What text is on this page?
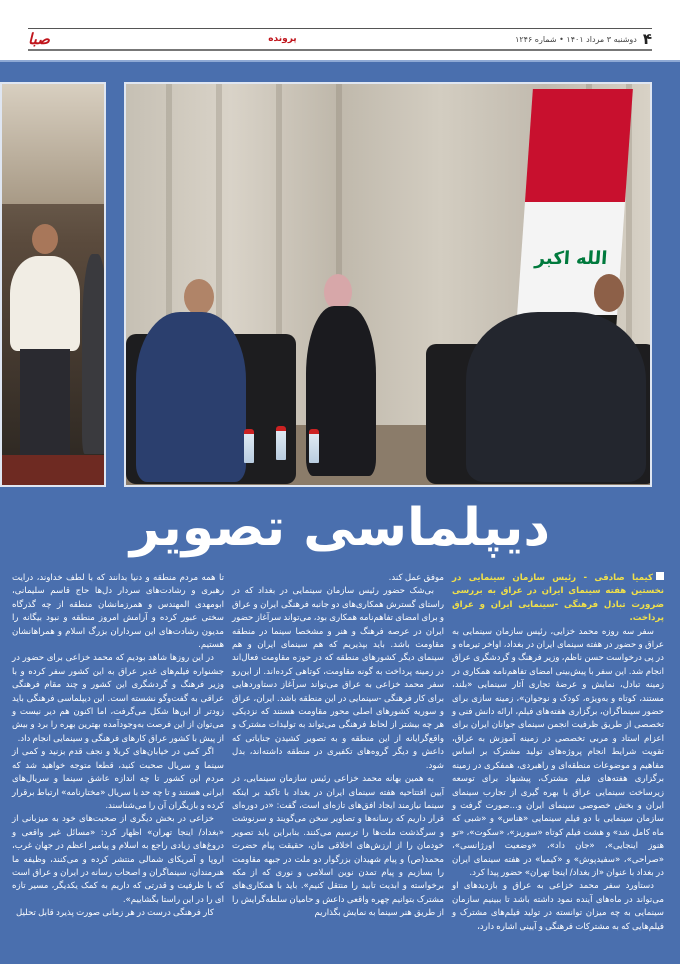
۴
دوشنبه ۳ مرداد ۱۴۰۱ • شماره ۱۲۴۶
پرونده
صبا
الله اکبر
دیپلماسی تصویر

کیمیا صادقی - رئیس سازمان سینمایی در نخستین هفته سینمای ایران در عراق به بررسی ضرورت تبادل فرهنگی -سینمایی ایران و عراق پرداخت.

سفر سه روزه محمد خزایی، رئیس سازمان سینمایی به عراق و حضور در هفته سینمای ایران در بغداد، اواخر تیرماه و در پی درخواست حسن ناظم، وزیر فرهنگ و گردشگری عراق انجام شد. این سفر با پیش‌بینی امضای تفاهم‌نامه همکاری در زمینه تبادل، نمایش و عرضهٔ تجاری آثار سینمایی «بلند، مستند، کوتاه و به‌ویژه، کودک و نوجوان»، زمینه سازی برای حضور سینماگران، برگزاری هفته‌های فیلم، ارائه دانش فنی و تخصصی از طریق ظرفیت انجمن سینمای جوانان ایران برای اعزام استاد و مربی تخصصی در زمینه آموزش به عراق، تقویت شرایط انجام پروژه‌های تولید مشترک بر اساس مفاهیم و موضوعات منطقه‌ای و راهبردی، همفکری در زمینه برگزاری هفته‌های فیلم مشترک، پیشنهاد برای توسعه زیرساخت سینمایی عراق با بهره گیری از تجارب سینمای ایران و بخش خصوصی سینمای ایران و...صورت گرفت و سازمان سینمایی با دو فیلم سینمایی «هناس» و «شبی که ماه کامل شد» و هشت فیلم کوتاه «سوریز»، «سکوت»، «تو هنوز اینجایی»، «جان داد»، «وضعیت اورژانسی»، «صراحی»، «سفیدپوش» و «کیمیا» در هفته سینمای ایران در بغداد با عنوان «از بغداد/ اینجا تهران» حضور پیدا کرد.

دستاورد سفر محمد خزاعی به عراق و بازدیدهای او می‌تواند در ماه‌های آینده نمود داشته باشد تا ببینیم سازمان سینمایی به چه میزان توانسته در تولید فیلم‌های مشترک و فیلم‌هایی که به مشترکات فرهنگی و آیینی اشاره دارد،

موفق عمل کند.

بی‌شک حضور رئیس سازمان سینمایی در بغداد که در راستای گسترش همکاری‌های دو جانبه فرهنگی ایران و عراق و برای امضای تفاهم‌نامه همکاری بود، می‌تواند سرآغاز حضور ایران در عرصه فرهنگ و هنر و مشخصا سینما در منطقه مقاومت باشد. باید بپذیریم که هم سینمای ایران و هم سینمای دیگر کشورهای منطقه که در حوزه مقاومت فعال‌اند در زمینه پرداخت به گونه مقاومت، کوتاهی کرده‌اند. از این‌رو سفر محمد خزاعی به عراق می‌تواند سرآغاز دستاوردهایی برای کار فرهنگی -سینمایی در این منطقه باشد. ایران، عراق و سوریه کشورهای اصلی محور مقاومت هستند که نزدیکی هر چه بیشتر از لحاظ فرهنگی می‌تواند به تولیدات مشترک و واقع‌گرایانه از این منطقه و به تصویر کشیدن جنایاتی که داعش و دیگر گروه‌های تکفیری در منطقه داشته‌اند، بدل شود.

به همین بهانه محمد خزاعی رئیس سازمان سینمایی، در آیین افتتاحیه هفته سینمای ایران در بغداد با تاکید بر اینکه سینما نیازمند ایجاد افق‌های تازه‌ای است، گفت: «در دوره‌ای قرار داریم که رسانه‌ها و تصاویر سخن می‌گویند و سرنوشت و سرگذشت ملت‌ها را ترسیم می‌کنند. بنابراین باید تصویر خودمان را از ارزش‌های اخلاقی مان، حقیقت پیام حضرت محمد(ص) و پیام شهیدان بزرگوار دو ملت در جبهه مقاومت را بسازیم و پیام تمدن نوین اسلامی و نوری که از مکه برخواسته و ابدیت تابید را منتقل کنیم». باید با همکاری‌های مشترک بتوانیم چهره واقعی داعش و حامیان سلطه‌گرایش را از طریق هنر سینما به نمایش بگذاریم

تا همه مردم منطقه و دنیا بدانند که با لطف خداوند، درایت رهبری و رشادت‌های سردار دل‌ها حاج قاسم سلیمانی، ابومهدی المهندس و همرزمانشان منطقه از چه گذرگاه سختی عبور کرده و آرامش امروز منطقه و نبود بیگانه را مدیون رشادت‌های این سرداران بزرگ اسلام و همراهانشان هستیم.

در این روزها شاهد بودیم که محمد خزاعی برای حضور در جشنواره فیلم‌های غدیر عراق به این کشور سفر کرده و با وزیر فرهنگ و گردشگری این کشور و چند مقام فرهنگی عراقی به گفت‌وگو نشسته است. این دیپلماسی فرهنگی باید زودتر از این‌ها شکل می‌گرفت، اما اکنون هم دیر نیست و می‌توان از این فرصت به‌وجودآمده بهترین بهره را برد و بیش از پیش با کشور عراق کارهای فرهنگی و سینمایی انجام داد.

اگر کمی در خیابان‌های کربلا و نجف قدم بزنید و کمی از سینما و سریال صحبت کنید، قطعا متوجه خواهید شد که مردم این کشور تا چه اندازه عاشق سینما و سریال‌های ایرانی هستند و تا چه حد با سریال «مختارنامه» ارتباط برقرار کرده و بازیگران آن را می‌شناسند.

خزاعی در بخش دیگری از صحبت‌های خود به میزبانی از «بغداد/ اینجا تهران» اظهار کرد: «مسائل غیر واقعی و دروغ‌های زیادی راجع به اسلام و پیامبر اعظم در جهان غرب، اروپا و آمریکای شمالی منتشر کرده و می‌کنند، وظیفه ما هنرمندان، سینماگران و اصحاب رسانه در ایران و عراق است که با ظرفیت و قدرتی که داریم به کمک یکدیگر، مسیر تازه ای را در این راستا بگشاییم».

کار فرهنگی درست در هر زمانی صورت پذیرد قابل تحلیل
